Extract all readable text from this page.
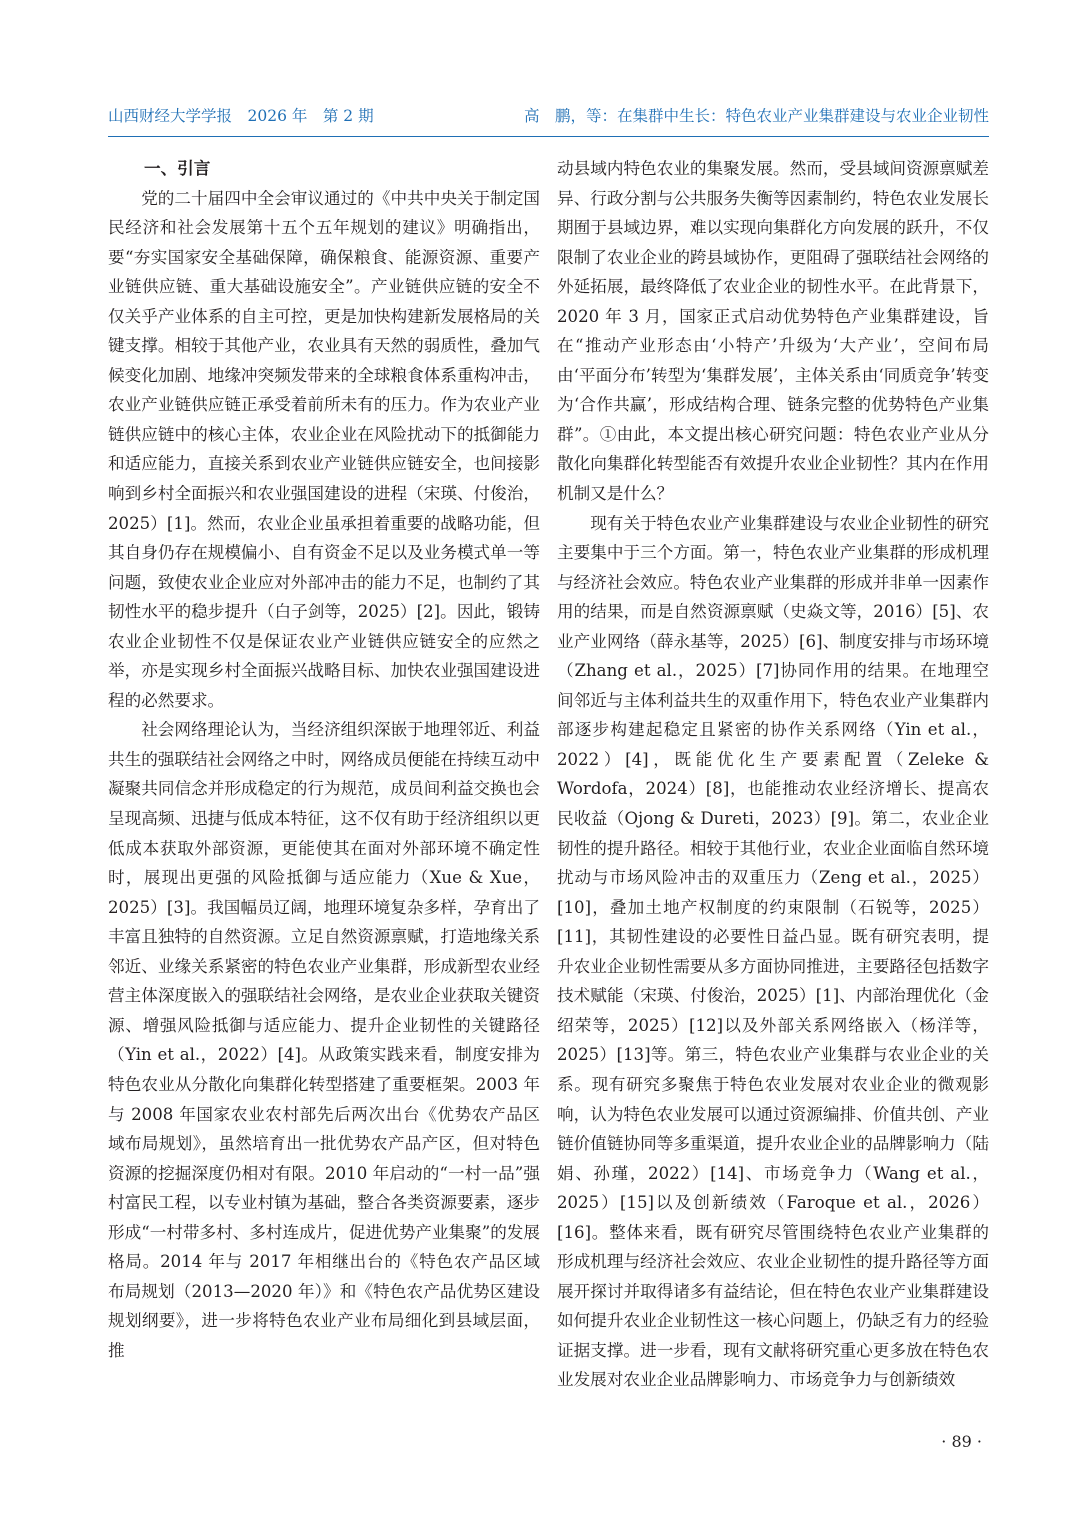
山西财经大学学报　2026 年　第 2 期	高　鹏，等：在集群中生长：特色农业产业集群建设与农业企业韧性
一、引言

党的二十届四中全会审议通过的《中共中央关于制定国民经济和社会发展第十五个五年规划的建议》明确指出，要“夯实国家安全基础保障，确保粮食、能源资源、重要产业链供应链、重大基础设施安全”。产业链供应链的安全不仅关乎产业体系的自主可控，更是加快构建新发展格局的关键支撑。相较于其他产业，农业具有天然的弱质性，叠加气候变化加剧、地缘冲突频发带来的全球粮食体系重构冲击，农业产业链供应链正承受着前所未有的压力。作为农业产业链供应链中的核心主体，农业企业在风险扰动下的抵御能力和适应能力，直接关系到农业产业链供应链安全，也间接影响到乡村全面振兴和农业强国建设的进程（宋瑛、付俊治，2025）[1]。然而，农业企业虽承担着重要的战略功能，但其自身仍存在规模偏小、自有资金不足以及业务模式单一等问题，致使农业企业应对外部冲击的能力不足，也制约了其韧性水平的稳步提升（白子剑等，2025）[2]。因此，锻铸农业企业韧性不仅是保证农业产业链供应链安全的应然之举，亦是实现乡村全面振兴战略目标、加快农业强国建设进程的必然要求。

社会网络理论认为，当经济组织深嵌于地理邻近、利益共生的强联结社会网络之中时，网络成员便能在持续互动中凝聚共同信念并形成稳定的行为规范，成员间利益交换也会呈现高频、迅捷与低成本特征，这不仅有助于经济组织以更低成本获取外部资源，更能使其在面对外部环境不确定性时，展现出更强的风险抵御与适应能力（Xue & Xue，2025）[3]。我国幅员辽阔，地理环境复杂多样，孕育出了丰富且独特的自然资源。立足自然资源禀赋，打造地缘关系邻近、业缘关系紧密的特色农业产业集群，形成新型农业经营主体深度嵌入的强联结社会网络，是农业企业获取关键资源、增强风险抵御与适应能力、提升企业韧性的关键路径（Yin et al.，2022）[4]。从政策实践来看，制度安排为特色农业从分散化向集群化转型搭建了重要框架。2003 年与 2008 年国家农业农村部先后两次出台《优势农产品区域布局规划》，虽然培育出一批优势农产品产区，但对特色资源的挖掘深度仍相对有限。2010 年启动的“一村一品”强村富民工程，以专业村镇为基础，整合各类资源要素，逐步形成“一村带多村、多村连成片，促进优势产业集聚”的发展格局。2014 年与 2017 年相继出台的《特色农产品区域布局规划（2013—2020 年）》和《特色农产品优势区建设规划纲要》，进一步将特色农业产业布局细化到县域层面，推

动县域内特色农业的集聚发展。然而，受县域间资源禀赋差异、行政分割与公共服务失衡等因素制约，特色农业发展长期囿于县域边界，难以实现向集群化方向发展的跃升，不仅限制了农业企业的跨县域协作，更阻碍了强联结社会网络的外延拓展，最终降低了农业企业的韧性水平。在此背景下，2020 年 3 月，国家正式启动优势特色产业集群建设，旨在“推动产业形态由‘小特产’升级为‘大产业’，空间布局由‘平面分布’转型为‘集群发展’，主体关系由‘同质竞争’转变为‘合作共赢’，形成结构合理、链条完整的优势特色产业集群”。①由此，本文提出核心研究问题：特色农业产业从分散化向集群化转型能否有效提升农业企业韧性？其内在作用机制又是什么？

现有关于特色农业产业集群建设与农业企业韧性的研究主要集中于三个方面。第一，特色农业产业集群的形成机理与经济社会效应。特色农业产业集群的形成并非单一因素作用的结果，而是自然资源禀赋（史焱文等，2016）[5]、农业产业网络（薛永基等，2025）[6]、制度安排与市场环境（Zhang et al.，2025）[7]协同作用的结果。在地理空间邻近与主体利益共生的双重作用下，特色农业产业集群内部逐步构建起稳定且紧密的协作关系网络（Yin et al.，2022）[4]，既能优化生产要素配置（Zeleke & Wordofa，2024）[8]，也能推动农业经济增长、提高农民收益（Ojong & Dureti，2023）[9]。第二，农业企业韧性的提升路径。相较于其他行业，农业企业面临自然环境扰动与市场风险冲击的双重压力（Zeng et al.，2025）[10]，叠加土地产权制度的约束限制（石锐等，2025）[11]，其韧性建设的必要性日益凸显。既有研究表明，提升农业企业韧性需要从多方面协同推进，主要路径包括数字技术赋能（宋瑛、付俊治，2025）[1]、内部治理优化（金绍荣等，2025）[12]以及外部关系网络嵌入（杨洋等，2025）[13]等。第三，特色农业产业集群与农业企业的关系。现有研究多聚焦于特色农业发展对农业企业的微观影响，认为特色农业发展可以通过资源编排、价值共创、产业链价值链协同等多重渠道，提升农业企业的品牌影响力（陆娟、孙瑾，2022）[14]、市场竞争力（Wang et al.，2025）[15]以及创新绩效（Faroque et al.，2026）[16]。整体来看，既有研究尽管围绕特色农业产业集群的形成机理与经济社会效应、农业企业韧性的提升路径等方面展开探讨并取得诸多有益结论，但在特色农业产业集群建设如何提升农业企业韧性这一核心问题上，仍缺乏有力的经验证据支撑。进一步看，现有文献将研究重心更多放在特色农业发展对农业企业品牌影响力、市场竞争力与创新绩效

· 89 ·
